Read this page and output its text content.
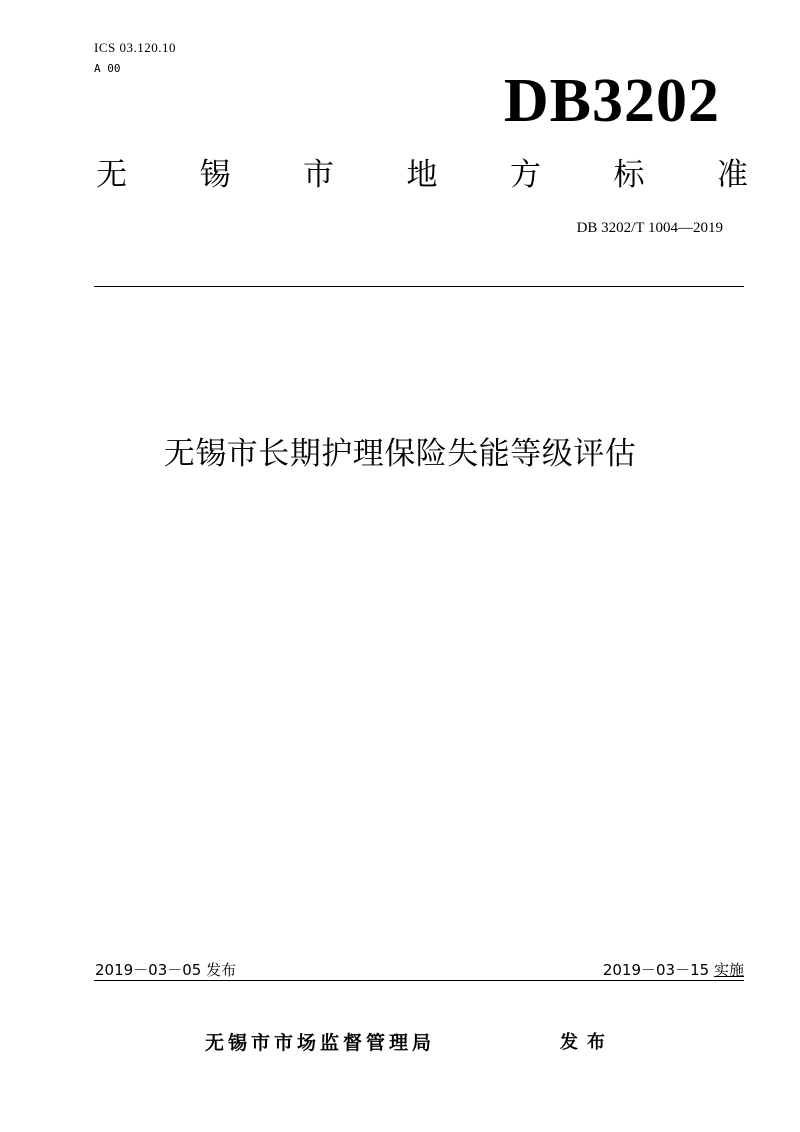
ICS 03.120.10
A 00	DB3202
无 锡 市 地 方 标 准
DB 3202/T 1004—2019
无锡市长期护理保险失能等级评估
2019－03－05 发布	2019－03－15 实施
无锡市市场监督管理局	发布
